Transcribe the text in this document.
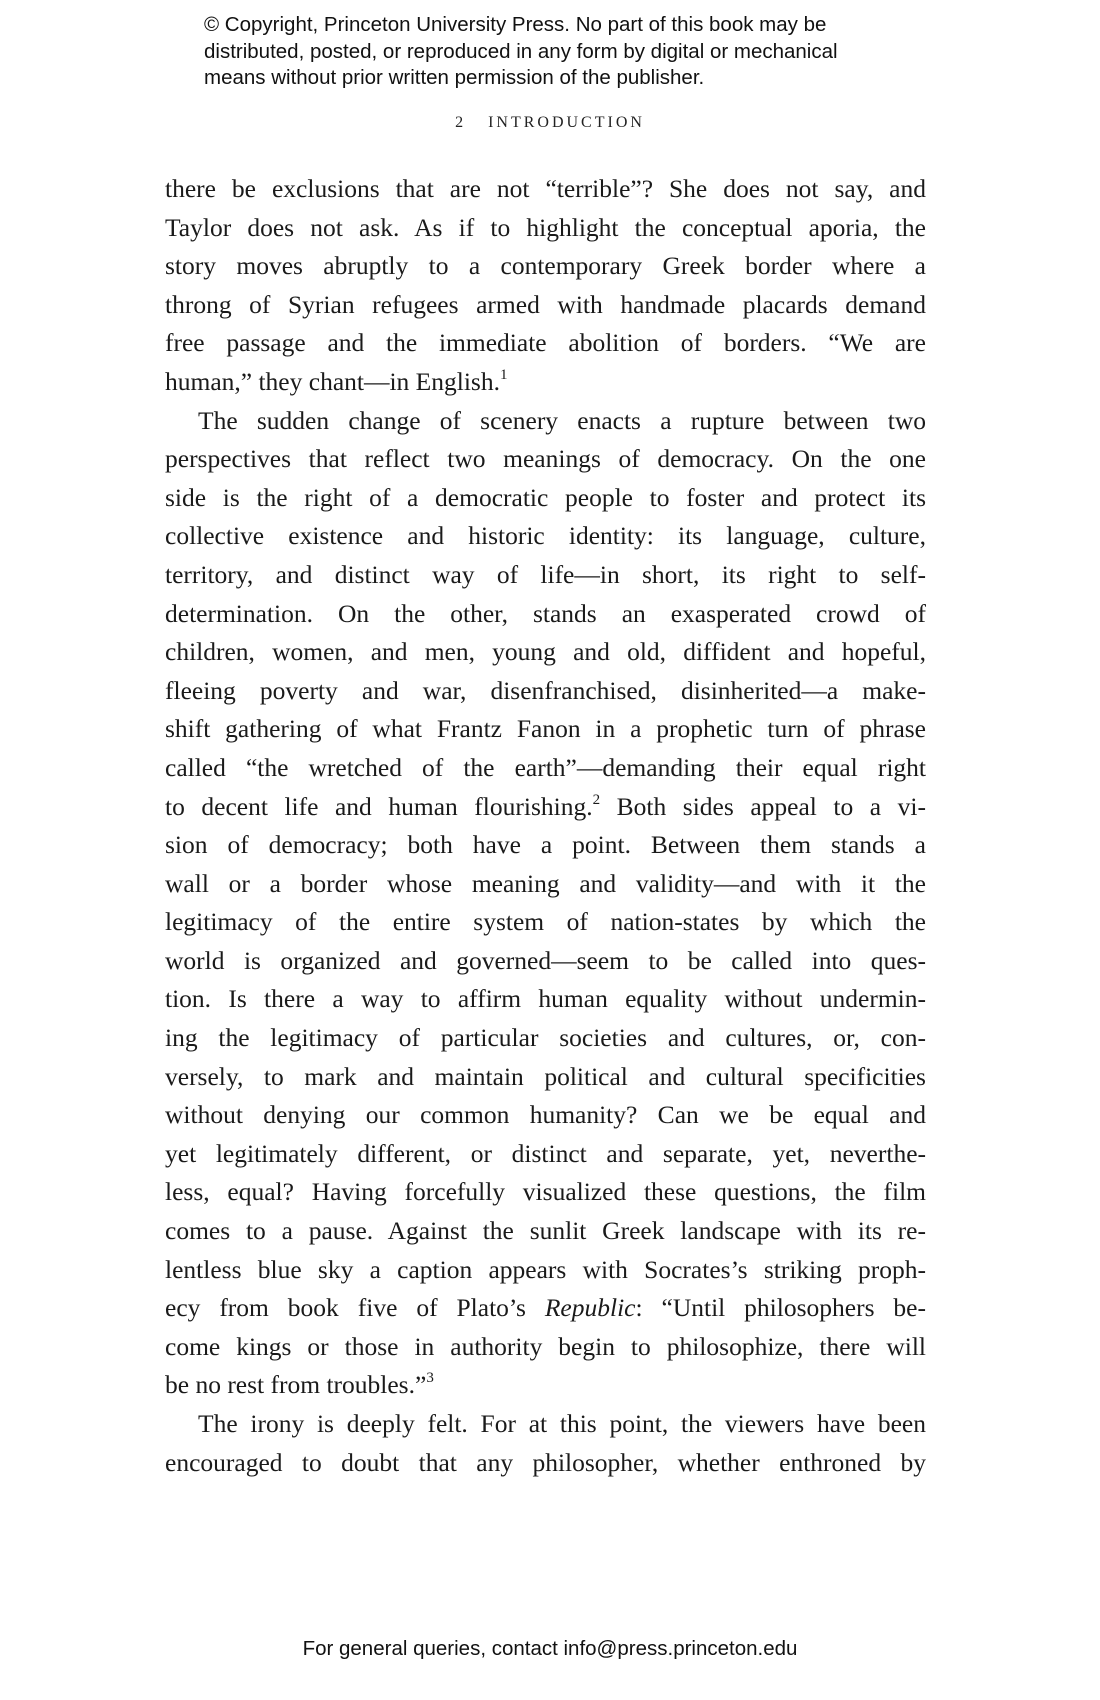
© Copyright, Princeton University Press. No part of this book may be
distributed, posted, or reproduced in any form by digital or mechanical
means without prior written permission of the publisher.
2 INTRODUCTION
there be exclusions that are not “terrible”? She does not say, and
Taylor does not ask. As if to highlight the conceptual aporia, the
story moves abruptly to a contemporary Greek border where a
throng of Syrian refugees armed with handmade placards demand
free passage and the immediate abolition of borders. “We are
human,” they chant—in English.$^1$
The sudden change of scenery enacts a rupture between two
perspectives that reflect two meanings of democracy. On the one
side is the right of a democratic people to foster and protect its
collective existence and historic identity: its language, culture,
territory, and distinct way of life—in short, its right to self-
determination. On the other, stands an exasperated crowd of
children, women, and men, young and old, diffident and hopeful,
fleeing poverty and war, disenfranchised, disinherited—a make-
shift gathering of what Frantz Fanon in a prophetic turn of phrase
called “the wretched of the earth”—demanding their equal right
to decent life and human flourishing.$^2$ Both sides appeal to a vi-
sion of democracy; both have a point. Between them stands a
wall or a border whose meaning and validity—and with it the
legitimacy of the entire system of nation-states by which the
world is organized and governed—seem to be called into ques-
tion. Is there a way to affirm human equality without undermin-
ing the legitimacy of particular societies and cultures, or, con-
versely, to mark and maintain political and cultural specificities
without denying our common humanity? Can we be equal and
yet legitimately different, or distinct and separate, yet, neverthe-
less, equal? Having forcefully visualized these questions, the film
comes to a pause. Against the sunlit Greek landscape with its re-
lentless blue sky a caption appears with Socrates’s striking proph-
ecy from book five of Plato’s Republic: “Until philosophers be-
come kings or those in authority begin to philosophize, there will
be no rest from troubles.”$^3$
The irony is deeply felt. For at this point, the viewers have been
encouraged to doubt that any philosopher, whether enthroned by
For general queries, contact info@press.princeton.edu
